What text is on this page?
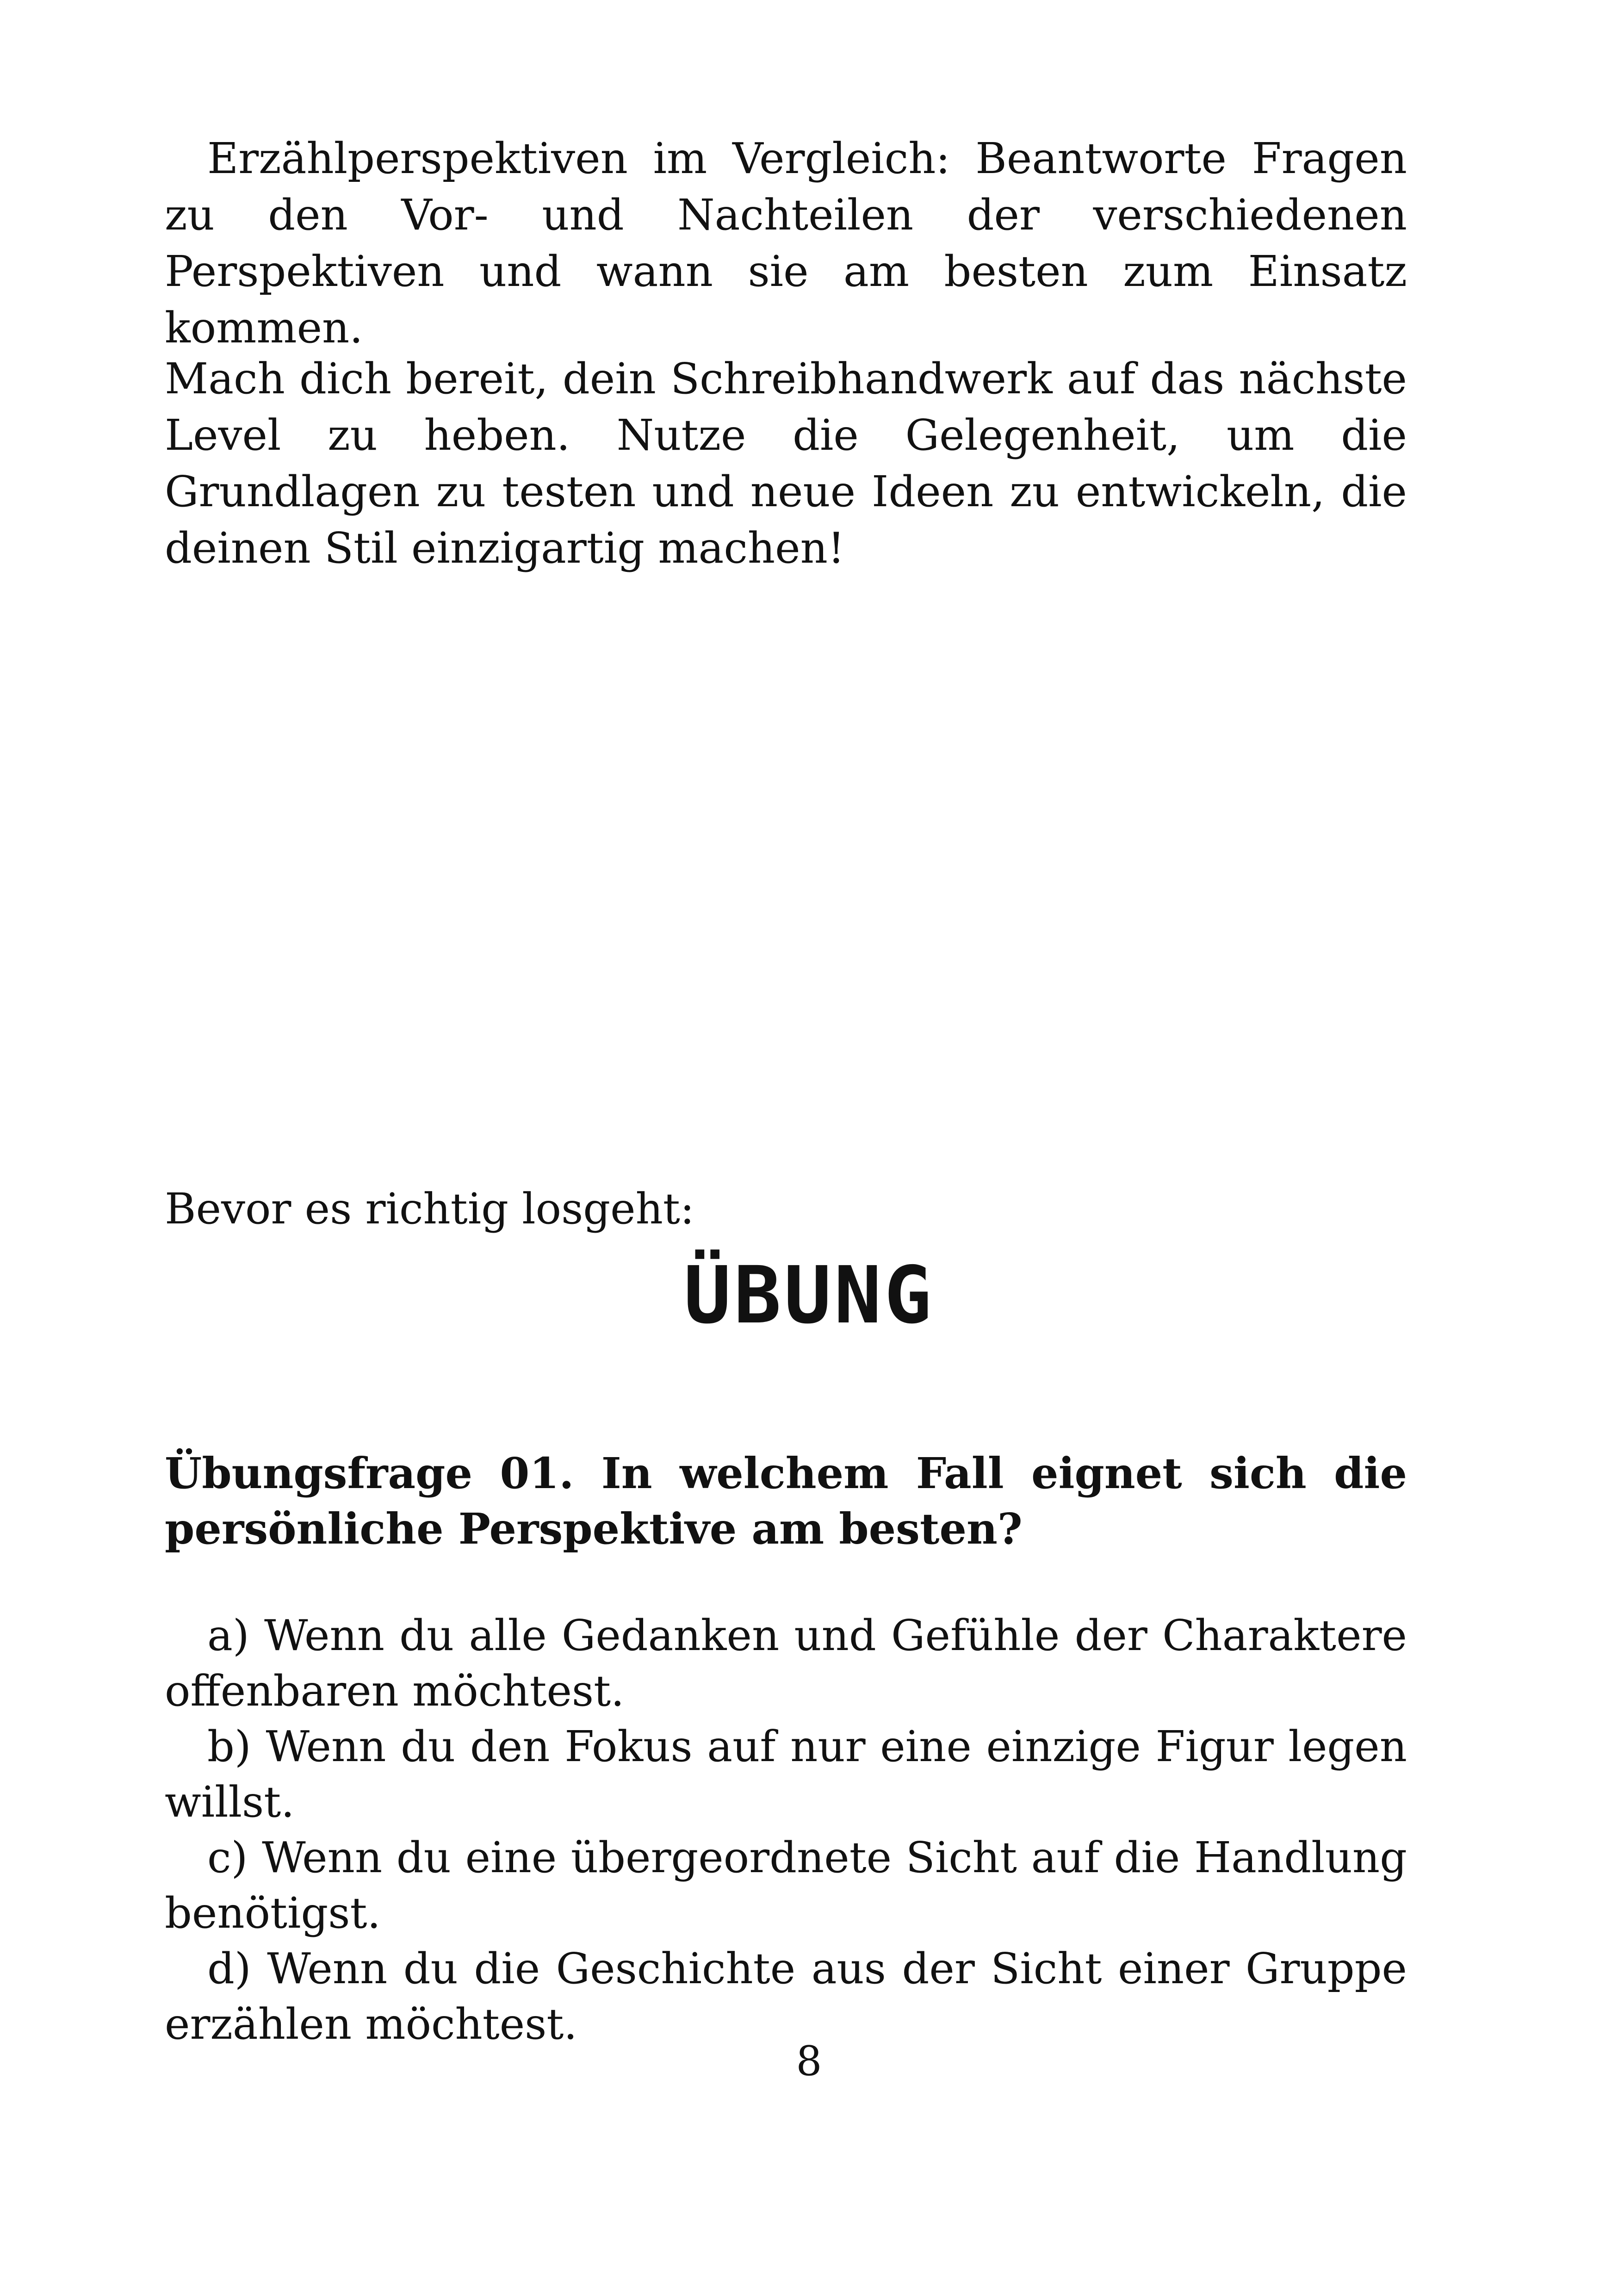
Erzählperspektiven im Vergleich: Beantworte Fragen zu den Vor- und Nachteilen der verschiedenen Perspektiven und wann sie am besten zum Einsatz kommen.

Mach dich bereit, dein Schreibhandwerk auf das nächste Level zu heben. Nutze die Gelegenheit, um die Grundlagen zu testen und neue Ideen zu entwickeln, die deinen Stil einzigartig machen!

Bevor es richtig losgeht:

ÜBUNG

Übungsfrage 01. In welchem Fall eignet sich die persönliche Perspektive am besten?

a) Wenn du alle Gedanken und Gefühle der Charaktere offenbaren möchtest.
b) Wenn du den Fokus auf nur eine einzige Figur legen willst.
c) Wenn du eine übergeordnete Sicht auf die Handlung benötigst.
d) Wenn du die Geschichte aus der Sicht einer Gruppe erzählen möchtest.

8
